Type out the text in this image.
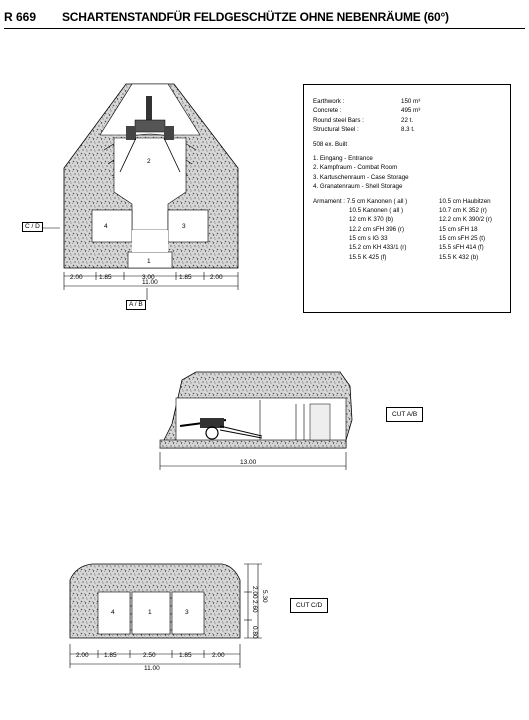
R 669 SCHARTENSTANDFÜR FELDGESCHÜTZE OHNE NEBENRÄUME (60°)
2
4	3
1
2.00	1.85	3.00	1.85	2.00
11.00
13.00
4	1	3
2.00 1.85	2.50	1.85	2.00
11.00
2.00
2.60
0.80
5.30
C / D
A / B
CUT A/B
CUT C/D
Earthwork :	150 m³
Concrete :	495 m³
Round steel Bars :	22 t.
Structural Steel :	8.3 t.
508 ex. Built
1. Eingang - Entrance
2. Kampfraum - Combat Room
3. Kartuschenraum - Case Storage
4. Granatenraum - Shell Storage
Armament : 7.5 cm Kanonen ( all )	10.5 cm Haubitzen
10.5 Kanonen ( all )	10.7 cm K 352 (r)
12 cm K 370 (b)	12.2 cm K 390/2 (r)
12.2 cm sFH 396 (r)	15 cm sFH 18
15 cm s IG 33	15 cm sFH 25 (t)
15.2 cm KH 433/1 (r)	15.5 sFH 414 (f)
15.5 K 425 (f)	15.5 K 432 (b)
